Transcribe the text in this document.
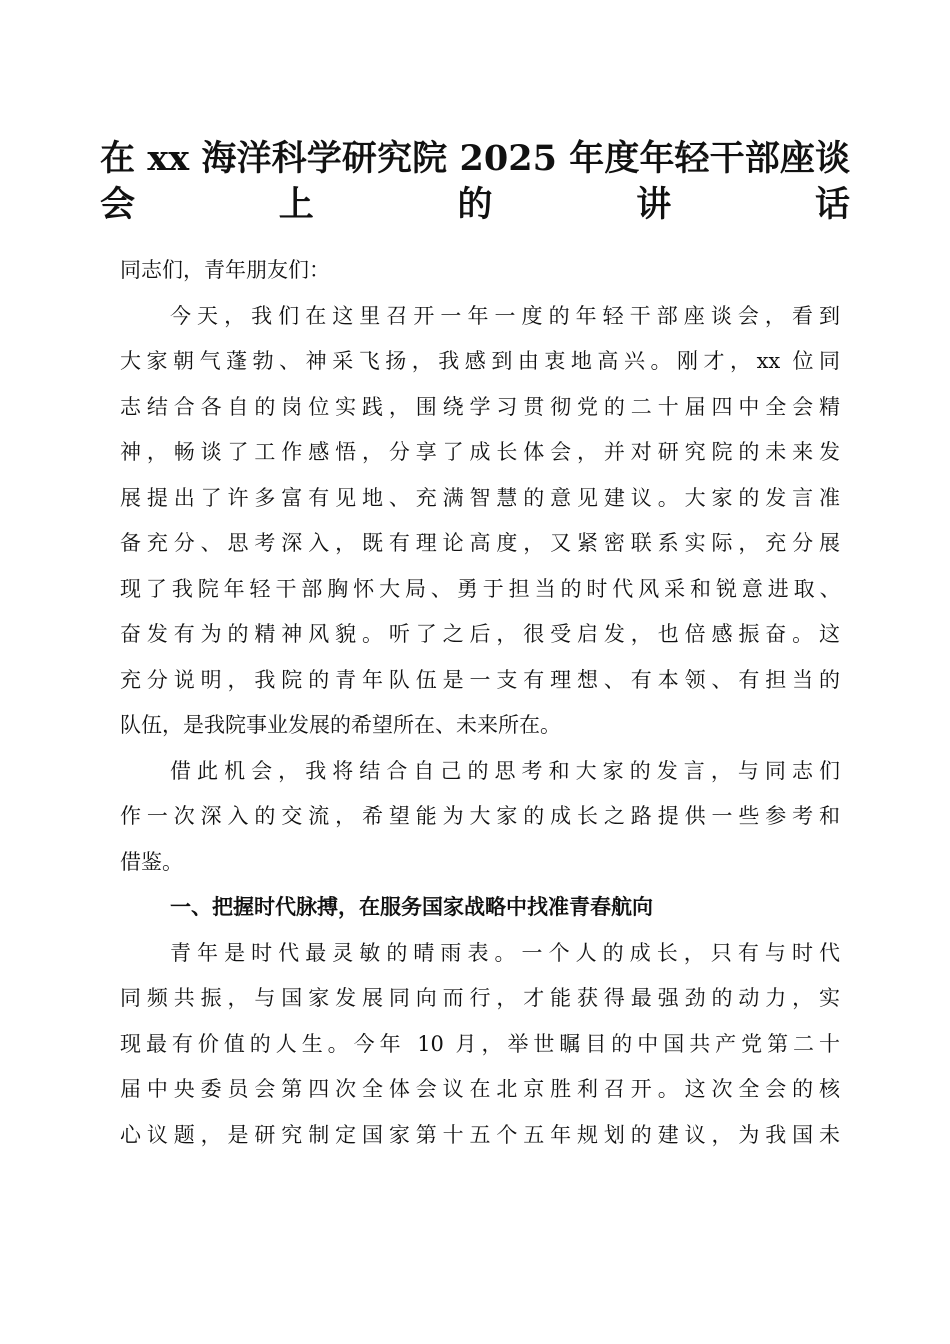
在 xx 海洋科学研究院 2025 年度年轻干部座谈
会上的讲话

同志们，青年朋友们：

今天，我们在这里召开一年一度的年轻干部座谈会，看到
大家朝气蓬勃、神采飞扬，我感到由衷地高兴。刚才，xx 位同
志结合各自的岗位实践，围绕学习贯彻党的二十届四中全会精
神，畅谈了工作感悟，分享了成长体会，并对研究院的未来发
展提出了许多富有见地、充满智慧的意见建议。大家的发言准
备充分、思考深入，既有理论高度，又紧密联系实际，充分展
现了我院年轻干部胸怀大局、勇于担当的时代风采和锐意进取、
奋发有为的精神风貌。听了之后，很受启发，也倍感振奋。这
充分说明，我院的青年队伍是一支有理想、有本领、有担当的
队伍，是我院事业发展的希望所在、未来所在。

借此机会，我将结合自己的思考和大家的发言，与同志们
作一次深入的交流，希望能为大家的成长之路提供一些参考和
借鉴。

一、把握时代脉搏，在服务国家战略中找准青春航向

青年是时代最灵敏的晴雨表。一个人的成长，只有与时代
同频共振，与国家发展同向而行，才能获得最强劲的动力，实
现最有价值的人生。今年 10 月，举世瞩目的中国共产党第二十
届中央委员会第四次全体会议在北京胜利召开。这次全会的核
心议题，是研究制定国家第十五个五年规划的建议，为我国未
